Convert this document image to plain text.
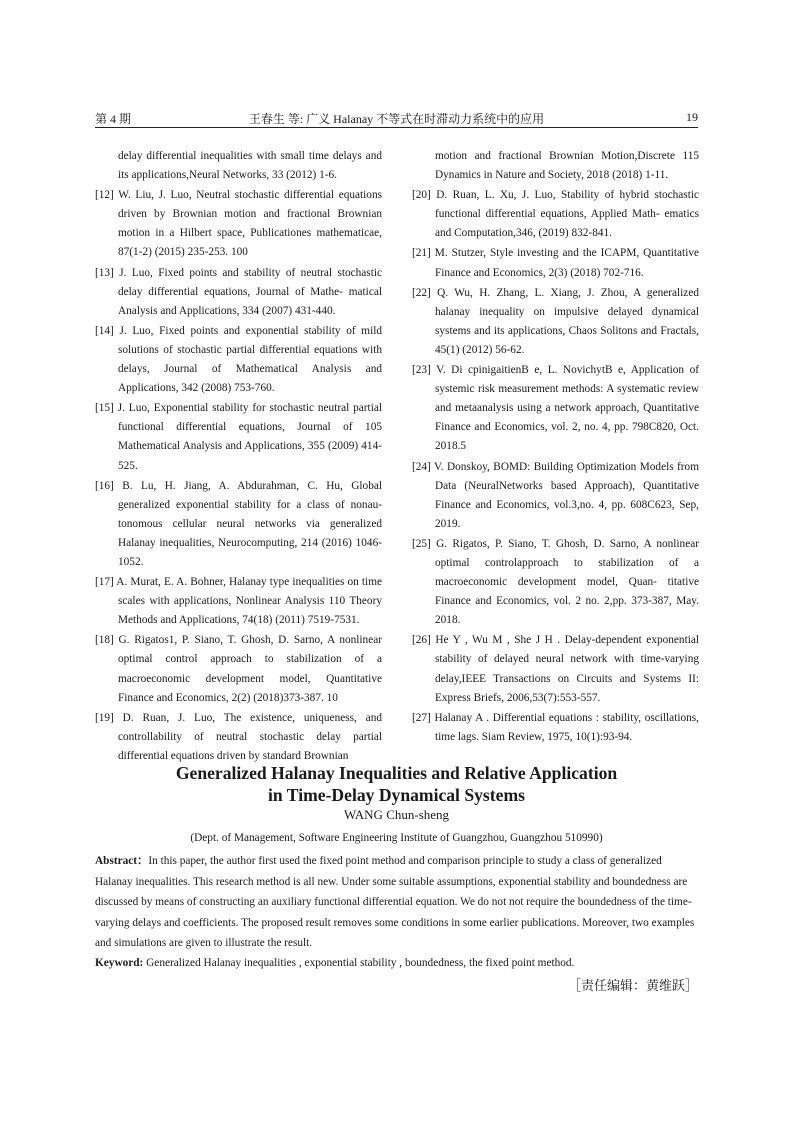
第 4 期	王春生 等: 广义 Halanay 不等式在时滞动力系统中的应用	19
delay differential inequalities with small time delays and its applications,Neural Networks, 33 (2012) 1-6.
[12] W. Liu, J. Luo, Neutral stochastic differential equations driven by Brownian motion and fractional Brownian motion in a Hilbert space, Publicationes mathematicae, 87(1-2) (2015) 235-253. 100
[13] J. Luo, Fixed points and stability of neutral stochastic delay differential equations, Journal of Mathe- matical Analysis and Applications, 334 (2007) 431-440.
[14] J. Luo, Fixed points and exponential stability of mild solutions of stochastic partial differential equations with delays, Journal of Mathematical Analysis and Applications, 342 (2008) 753-760.
[15] J. Luo, Exponential stability for stochastic neutral partial functional differential equations, Journal of 105 Mathematical Analysis and Applications, 355 (2009) 414-525.
[16] B. Lu, H. Jiang, A. Abdurahman, C. Hu, Global generalized exponential stability for a class of nonau- tonomous cellular neural networks via generalized Halanay inequalities, Neurocomputing, 214 (2016) 1046-1052.
[17] A. Murat, E. A. Bohner, Halanay type inequalities on time scales with applications, Nonlinear Analysis 110 Theory Methods and Applications, 74(18) (2011) 7519-7531.
[18] G. Rigatos1, P. Siano, T. Ghosh, D. Sarno, A nonlinear optimal control approach to stabilization of a macroeconomic development model, Quantitative Finance and Economics, 2(2) (2018)373-387. 10
[19] D. Ruan, J. Luo, The existence, uniqueness, and controllability of neutral stochastic delay partial differential equations driven by standard Brownian
motion and fractional Brownian Motion,Discrete 115 Dynamics in Nature and Society, 2018 (2018) 1-11.
[20] D. Ruan, L. Xu, J. Luo, Stability of hybrid stochastic functional differential equations, Applied Math- ematics and Computation,346, (2019) 832-841.
[21] M. Stutzer, Style investing and the ICAPM, Quantitative Finance and Economics, 2(3) (2018) 702-716.
[22] Q. Wu, H. Zhang, L. Xiang, J. Zhou, A generalized halanay inequality on impulsive delayed dynamical systems and its applications, Chaos Solitons and Fractals, 45(1) (2012) 56-62.
[23] V. Di cpinigaitienB e, L. NovichytB e, Application of systemic risk measurement methods: A systematic review and metaanalysis using a network approach, Quantitative Finance and Economics, vol. 2, no. 4, pp. 798C820, Oct. 2018.5
[24] V. Donskoy, BOMD: Building Optimization Models from Data (NeuralNetworks based Approach), Quantitative Finance and Economics, vol.3,no. 4, pp. 608C623, Sep, 2019.
[25] G. Rigatos, P. Siano, T. Ghosh, D. Sarno, A nonlinear optimal controlapproach to stabilization of a macroeconomic development model, Quan- titative Finance and Economics, vol. 2 no. 2,pp. 373-387, May. 2018.
[26] He Y , Wu M , She J H . Delay-dependent exponential stability of delayed neural network with time-varying delay,IEEE Transactions on Circuits and Systems II: Express Briefs, 2006,53(7):553-557.
[27] Halanay A . Differential equations : stability, oscillations, time lags. Siam Review, 1975, 10(1):93-94.
Generalized Halanay Inequalities and Relative Application
in Time-Delay Dynamical Systems
WANG Chun-sheng
(Dept. of Management, Software Engineering Institute of Guangzhou, Guangzhou 510990)
Abstract：In this paper, the author first used the fixed point method and comparison principle to study a class of generalized Halanay inequalities. This research method is all new. Under some suitable assumptions, exponential stability and boundedness are discussed by means of constructing an auxiliary functional differential equation. We do not not require the boundedness of the time-varying delays and coefficients. The proposed result removes some conditions in some earlier publications. Moreover, two examples and simulations are given to illustrate the result.
Keyword: Generalized Halanay inequalities , exponential stability , boundedness, the fixed point method.
［责任编辑：黄维跃］
